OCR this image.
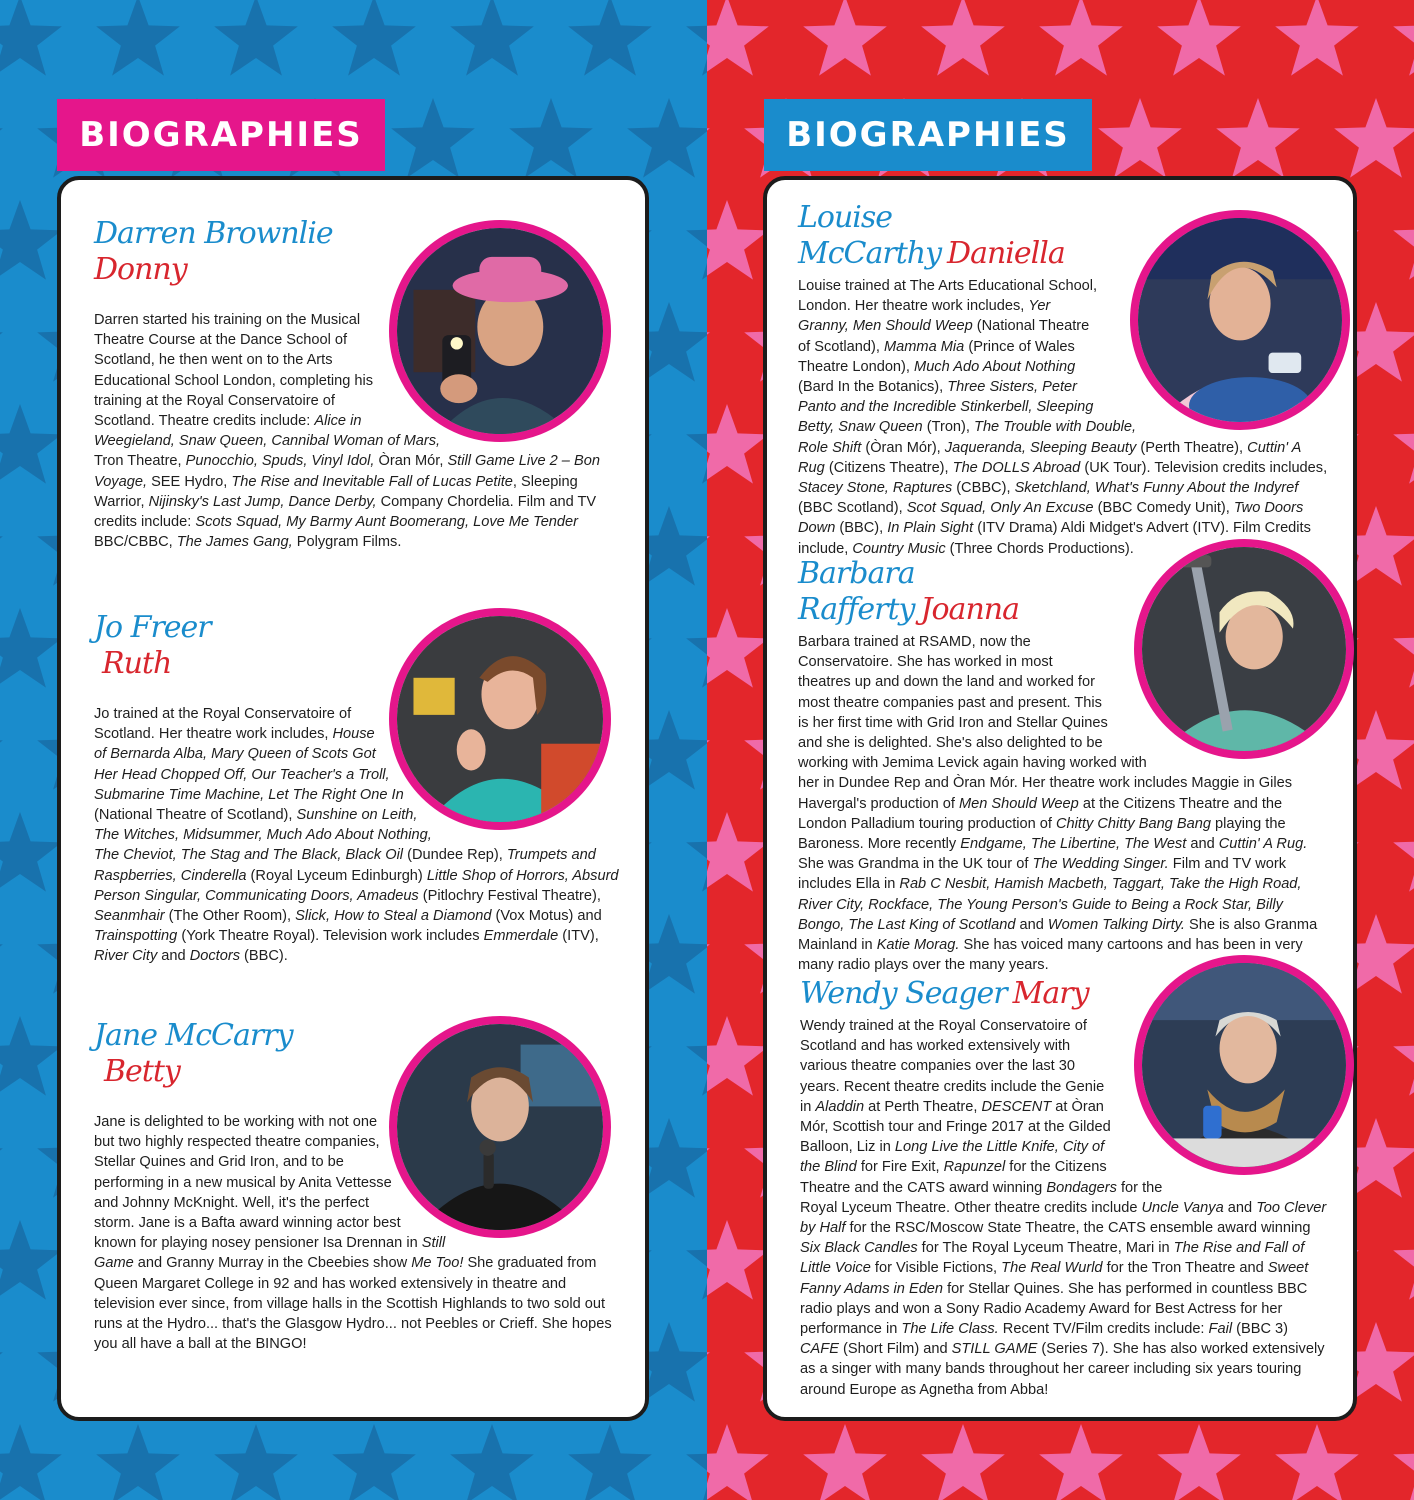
BIOGRAPHIES	BIOGRAPHIES
Darren Brownlie
Donny
Darren started his training on the Musical Theatre Course at the Dance School of Scotland, he then went on to the Arts Educational School London, completing his training at the Royal Conservatoire of Scotland. Theatre credits include: Alice in Weegieland, Snaw Queen, Cannibal Woman of Mars, Tron Theatre, Punocchio, Spuds, Vinyl Idol, Òran Mór, Still Game Live 2 – Bon Voyage, SEE Hydro, The Rise and Inevitable Fall of Lucas Petite, Sleeping Warrior, Nijinsky's Last Jump, Dance Derby, Company Chordelia. Film and TV credits include: Scots Squad, My Barmy Aunt Boomerang, Love Me Tender BBC/CBBC, The James Gang, Polygram Films.
Jo Freer
Ruth
Jo trained at the Royal Conservatoire of Scotland. Her theatre work includes, House of Bernarda Alba, Mary Queen of Scots Got Her Head Chopped Off, Our Teacher's a Troll, Submarine Time Machine, Let The Right One In (National Theatre of Scotland), Sunshine on Leith, The Witches, Midsummer, Much Ado About Nothing, The Cheviot, The Stag and The Black, Black Oil (Dundee Rep), Trumpets and Raspberries, Cinderella (Royal Lyceum Edinburgh) Little Shop of Horrors, Absurd Person Singular, Communicating Doors, Amadeus (Pitlochry Festival Theatre), Seanmhair (The Other Room), Slick, How to Steal a Diamond (Vox Motus) and Trainspotting (York Theatre Royal). Television work includes Emmerdale (ITV), River City and Doctors (BBC).
Jane McCarry
Betty
Jane is delighted to be working with not one but two highly respected theatre companies, Stellar Quines and Grid Iron, and to be performing in a new musical by Anita Vettesse and Johnny McKnight. Well, it's the perfect storm. Jane is a Bafta award winning actor best known for playing nosey pensioner Isa Drennan in Still Game and Granny Murray in the Cbeebies show Me Too! She graduated from Queen Margaret College in 92 and has worked extensively in theatre and television ever since, from village halls in the Scottish Highlands to two sold out runs at the Hydro... that's the Glasgow Hydro... not Peebles or Crieff. She hopes you all have a ball at the BINGO!
Louise McCarthy Daniella
Louise trained at The Arts Educational School, London. Her theatre work includes, Yer Granny, Men Should Weep (National Theatre of Scotland), Mamma Mia (Prince of Wales Theatre London), Much Ado About Nothing (Bard In the Botanics), Three Sisters, Peter Panto and the Incredible Stinkerbell, Sleeping Betty, Snaw Queen (Tron), The Trouble with Double, Role Shift (Òran Mór), Jaqueranda, Sleeping Beauty (Perth Theatre), Cuttin' A Rug (Citizens Theatre), The DOLLS Abroad (UK Tour). Television credits includes, Stacey Stone, Raptures (CBBC), Sketchland, What's Funny About the Indyref (BBC Scotland), Scot Squad, Only An Excuse (BBC Comedy Unit), Two Doors Down (BBC), In Plain Sight (ITV Drama) Aldi Midget's Advert (ITV). Film Credits include, Country Music (Three Chords Productions).
Barbara Rafferty Joanna
Barbara trained at RSAMD, now the Conservatoire. She has worked in most theatres up and down the land and worked for most theatre companies past and present. This is her first time with Grid Iron and Stellar Quines and she is delighted. She's also delighted to be working with Jemima Levick again having worked with her in Dundee Rep and Òran Mór. Her theatre work includes Maggie in Giles Havergal's production of Men Should Weep at the Citizens Theatre and the London Palladium touring production of Chitty Chitty Bang Bang playing the Baroness. More recently Endgame, The Libertine, The West and Cuttin' A Rug. She was Grandma in the UK tour of The Wedding Singer. Film and TV work includes Ella in Rab C Nesbit, Hamish Macbeth, Taggart, Take the High Road, River City, Rockface, The Young Person's Guide to Being a Rock Star, Billy Bongo, The Last King of Scotland and Women Talking Dirty. She is also Granma Mainland in Katie Morag. She has voiced many cartoons and has been in very many radio plays over the many years.
Wendy Seager Mary
Wendy trained at the Royal Conservatoire of Scotland and has worked extensively with various theatre companies over the last 30 years. Recent theatre credits include the Genie in Aladdin at Perth Theatre, DESCENT at Òran Mór, Scottish tour and Fringe 2017 at the Gilded Balloon, Liz in Long Live the Little Knife, City of the Blind for Fire Exit, Rapunzel for the Citizens Theatre and the CATS award winning Bondagers for the Royal Lyceum Theatre. Other theatre credits include Uncle Vanya and Too Clever by Half for the RSC/Moscow State Theatre, the CATS ensemble award winning Six Black Candles for The Royal Lyceum Theatre, Mari in The Rise and Fall of Little Voice for Visible Fictions, The Real Wurld for the Tron Theatre and Sweet Fanny Adams in Eden for Stellar Quines. She has performed in countless BBC radio plays and won a Sony Radio Academy Award for Best Actress for her performance in The Life Class. Recent TV/Film credits include: Fail (BBC 3) CAFE (Short Film) and STILL GAME (Series 7). She has also worked extensively as a singer with many bands throughout her career including six years touring around Europe as Agnetha from Abba!
